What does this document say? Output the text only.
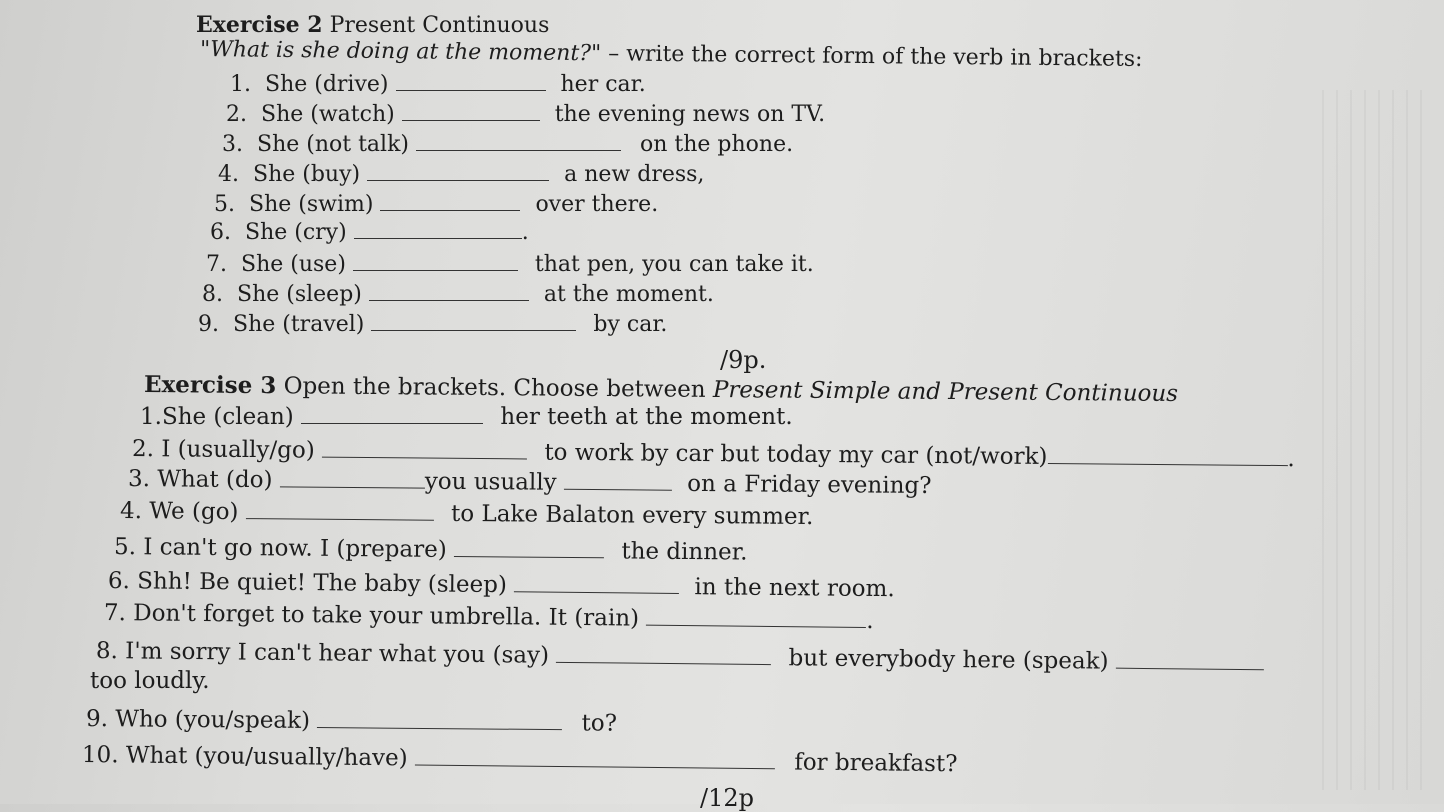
Exercise 2 Present Continuous
"What is she doing at the moment?" – write the correct form of the verb in brackets:
1. She (drive)	her car.
2. She (watch)	the evening news on TV.
3. She (not talk)	on the phone.
4. She (buy)	a new dress,
5. She (swim)	over there.
6. She (cry)	.
7. She (use)	that pen, you can take it.
8. She (sleep)	at the moment.
9. She (travel)	by car.
/9p.
Exercise 3 Open the brackets. Choose between Present Simple and Present Continuous
1.She (clean)	her teeth at the moment.
2. I (usually/go)	to work by car but today my car (not/work)	.
3. What (do)	you usually	on a Friday evening?
4. We (go)	to Lake Balaton every summer.
5. I can't go now. I (prepare)	the dinner.
6. Shh! Be quiet! The baby (sleep)	in the next room.
7. Don't forget to take your umbrella. It (rain)	.
8. I'm sorry I can't hear what you (say)	but everybody here (speak)
too loudly.
9. Who (you/speak)	to?
10. What (you/usually/have)	for breakfast?
/12p
